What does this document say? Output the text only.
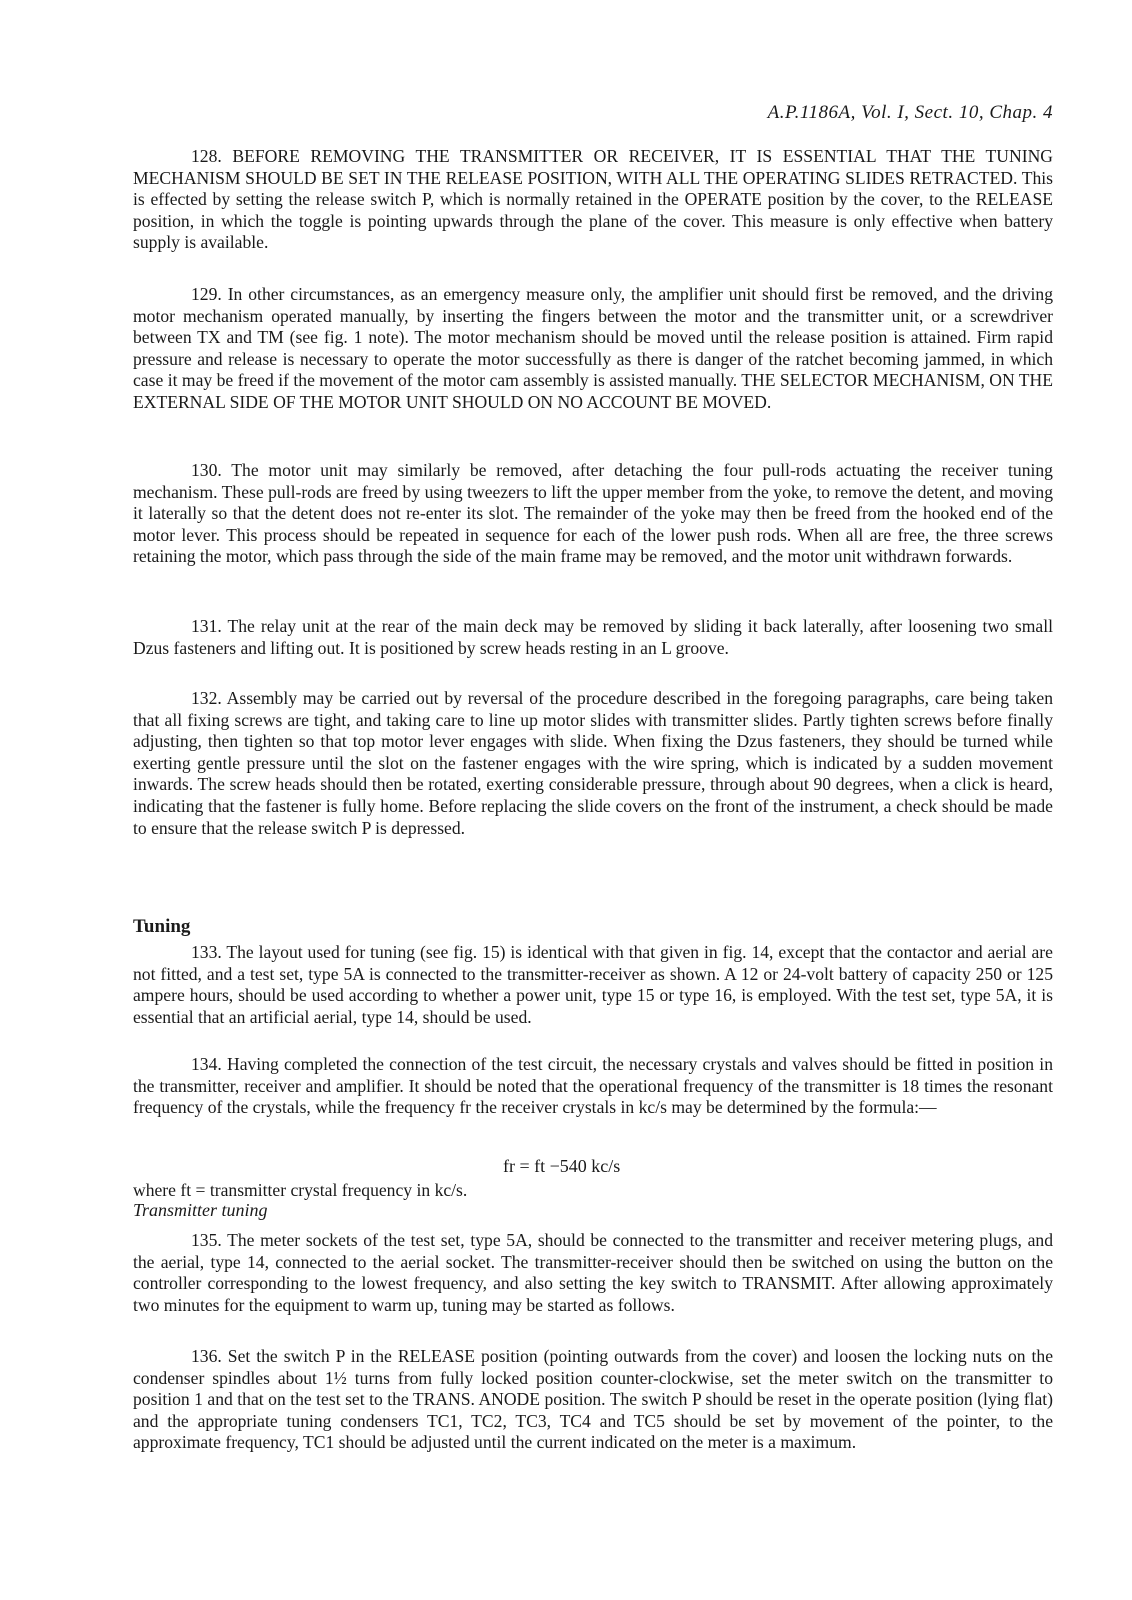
A.P.1186A, Vol. I, Sect. 10, Chap. 4

128. BEFORE REMOVING THE TRANSMITTER OR RECEIVER, IT IS ESSENTIAL THAT THE TUNING MECHANISM SHOULD BE SET IN THE RELEASE POSITION, WITH ALL THE OPERATING SLIDES RETRACTED. This is effected by setting the release switch P, which is normally retained in the OPERATE position by the cover, to the RELEASE position, in which the toggle is pointing upwards through the plane of the cover. This measure is only effective when battery supply is available.

129. In other circumstances, as an emergency measure only, the amplifier unit should first be removed, and the driving motor mechanism operated manually, by inserting the fingers between the motor and the transmitter unit, or a screwdriver between TX and TM (see fig. 1 note). The motor mechanism should be moved until the release position is attained. Firm rapid pressure and release is necessary to operate the motor successfully as there is danger of the ratchet becoming jammed, in which case it may be freed if the movement of the motor cam assembly is assisted manually. THE SELECTOR MECHANISM, ON THE EXTERNAL SIDE OF THE MOTOR UNIT SHOULD ON NO ACCOUNT BE MOVED.

130. The motor unit may similarly be removed, after detaching the four pull-rods actuating the receiver tuning mechanism. These pull-rods are freed by using tweezers to lift the upper member from the yoke, to remove the detent, and moving it laterally so that the detent does not re-enter its slot. The remainder of the yoke may then be freed from the hooked end of the motor lever. This process should be repeated in sequence for each of the lower push rods. When all are free, the three screws retaining the motor, which pass through the side of the main frame may be removed, and the motor unit withdrawn forwards.

131. The relay unit at the rear of the main deck may be removed by sliding it back laterally, after loosening two small Dzus fasteners and lifting out. It is positioned by screw heads resting in an L groove.

132. Assembly may be carried out by reversal of the procedure described in the foregoing paragraphs, care being taken that all fixing screws are tight, and taking care to line up motor slides with transmitter slides. Partly tighten screws before finally adjusting, then tighten so that top motor lever engages with slide. When fixing the Dzus fasteners, they should be turned while exerting gentle pressure until the slot on the fastener engages with the wire spring, which is indicated by a sudden movement inwards. The screw heads should then be rotated, exerting considerable pressure, through about 90 degrees, when a click is heard, indicating that the fastener is fully home. Before replacing the slide covers on the front of the instrument, a check should be made to ensure that the release switch P is depressed.

Tuning

133. The layout used for tuning (see fig. 15) is identical with that given in fig. 14, except that the contactor and aerial are not fitted, and a test set, type 5A is connected to the transmitter-receiver as shown. A 12 or 24-volt battery of capacity 250 or 125 ampere hours, should be used according to whether a power unit, type 15 or type 16, is employed. With the test set, type 5A, it is essential that an artificial aerial, type 14, should be used.

134. Having completed the connection of the test circuit, the necessary crystals and valves should be fitted in position in the transmitter, receiver and amplifier. It should be noted that the operational frequency of the transmitter is 18 times the resonant frequency of the crystals, while the frequency fr the receiver crystals in kc/s may be determined by the formula:—

fr = ft −540 kc/s
where ft = transmitter crystal frequency in kc/s.
Transmitter tuning

135. The meter sockets of the test set, type 5A, should be connected to the transmitter and receiver metering plugs, and the aerial, type 14, connected to the aerial socket. The transmitter-receiver should then be switched on using the button on the controller corresponding to the lowest frequency, and also setting the key switch to TRANSMIT. After allowing approximately two minutes for the equipment to warm up, tuning may be started as follows.

136. Set the switch P in the RELEASE position (pointing outwards from the cover) and loosen the locking nuts on the condenser spindles about 1½ turns from fully locked position counter-clockwise, set the meter switch on the transmitter to position 1 and that on the test set to the TRANS. ANODE position. The switch P should be reset in the operate position (lying flat) and the appropriate tuning condensers TC1, TC2, TC3, TC4 and TC5 should be set by movement of the pointer, to the approximate frequency, TC1 should be adjusted until the current indicated on the meter is a maximum.
